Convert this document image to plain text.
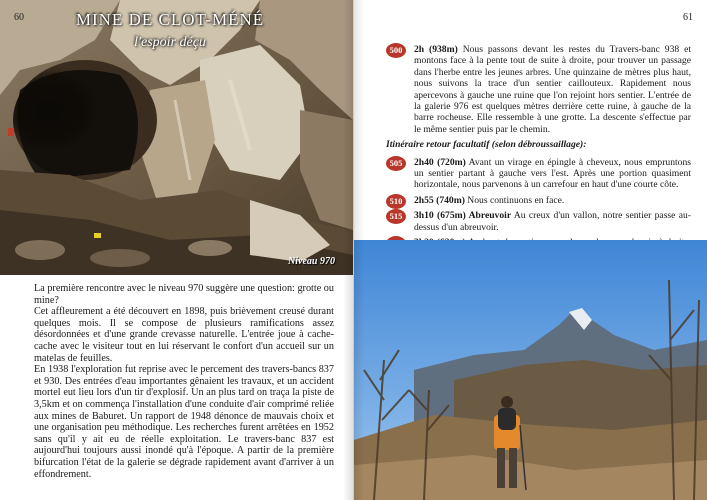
60	MINE DE CLOT-MÉNÉ
l'espoir déçu
Niveau 970

La première rencontre avec le niveau 970 suggère une question: grotte ou mine?

Cet affleurement a été découvert en 1898, puis brièvement creusé durant quelques mois. Il se compose de plusieurs ramifications assez désordonnées et d'une grande crevasse naturelle. L'entrée joue à cache-cache avec le visiteur tout en lui réservant le confort d'un accueil sur un matelas de feuilles.

En 1938 l'exploration fut reprise avec le percement des travers-bancs 837 et 930. Des entrées d'eau importantes gênaient les travaux, et un accident mortel eut lieu lors d'un tir d'explosif. Un an plus tard on traça la piste de 3,5km et on commença l'installation d'une conduite d'air comprimé reliée aux mines de Baburet. Un rapport de 1948 dénonce de mauvais choix et une organisation peu méthodique. Les recherches furent arrêtées en 1952 sans qu'il y ait eu de réelle exploitation. Le travers-banc 837 est aujourd'hui toujours aussi inondé qu'à l'époque. A partir de la première bifurcation l'état de la galerie se dégrade rapidement avant d'arriver à un effondrement.

61
500	2h (938m) Nous passons devant les restes du Travers-banc 938 et montons face à la pente tout de suite à droite, pour trouver un passage dans l'herbe entre les jeunes arbres. Une quinzaine de mètres plus haut, nous suivons la trace d'un sentier caillouteux. Rapidement nous apercevons à gauche une ruine que l'on rejoint hors sentier. L'entrée de la galerie 976 est quelques mètres derrière cette ruine, à gauche de la barre rocheuse. Elle ressemble à une grotte. La descente s'effectue par le même sentier puis par le chemin.
Itinéraire retour facultatif (selon débroussaillage):
505	2h40 (720m) Avant un virage en épingle à cheveux, nous empruntons un sentier partant à gauche vers l'est. Après une portion quasiment horizontale, nous parvenons à un carrefour en haut d'une courte côte.
510	2h55 (740m) Nous continuons en face.
515	3h10 (675m) Abreuvoir Au creux d'un vallon, notre sentier passe au-dessus d'un abreuvoir.
